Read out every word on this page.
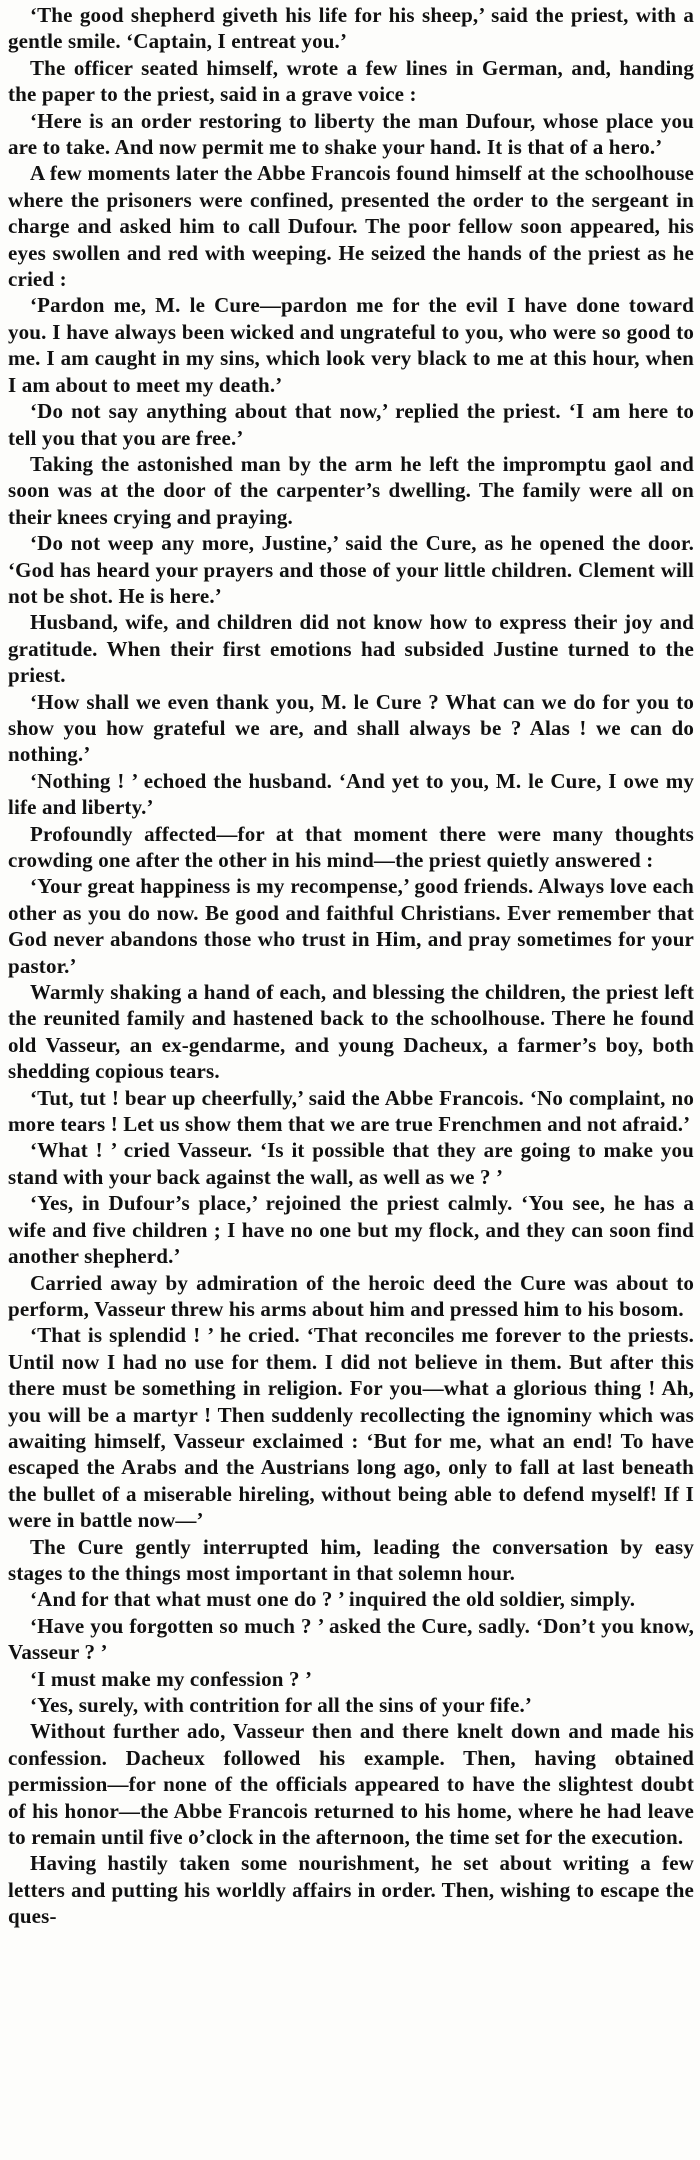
‘The good shepherd giveth his life for his sheep,’ said the priest, with a gentle smile. ‘Captain, I entreat you.’

The officer seated himself, wrote a few lines in German, and, handing the paper to the priest, said in a grave voice :

‘Here is an order restoring to liberty the man Dufour, whose place you are to take. And now permit me to shake your hand. It is that of a hero.’

A few moments later the Abbe Francois found himself at the schoolhouse where the prisoners were confined, presented the order to the sergeant in charge and asked him to call Dufour. The poor fellow soon appeared, his eyes swollen and red with weeping. He seized the hands of the priest as he cried :

‘Pardon me, M. le Cure—pardon me for the evil I have done toward you. I have always been wicked and ungrateful to you, who were so good to me. I am caught in my sins, which look very black to me at this hour, when I am about to meet my death.’

‘Do not say anything about that now,’ replied the priest. ‘I am here to tell you that you are free.’

Taking the astonished man by the arm he left the impromptu gaol and soon was at the door of the carpenter’s dwelling. The family were all on their knees crying and praying.

‘Do not weep any more, Justine,’ said the Cure, as he opened the door. ‘God has heard your prayers and those of your little children. Clement will not be shot. He is here.’

Husband, wife, and children did not know how to express their joy and gratitude. When their first emotions had subsided Justine turned to the priest.

‘How shall we even thank you, M. le Cure ? What can we do for you to show you how grateful we are, and shall always be ? Alas ! we can do nothing.’

‘Nothing ! ’ echoed the husband. ‘And yet to you, M. le Cure, I owe my life and liberty.’

Profoundly affected—for at that moment there were many thoughts crowding one after the other in his mind—the priest quietly answered :

‘Your great happiness is my recompense,’ good friends. Always love each other as you do now. Be good and faithful Christians. Ever remember that God never abandons those who trust in Him, and pray sometimes for your pastor.’

Warmly shaking a hand of each, and blessing the children, the priest left the reunited family and hastened back to the schoolhouse. There he found old Vasseur, an ex-gendarme, and young Dacheux, a farmer’s boy, both shedding copious tears.

‘Tut, tut ! bear up cheerfully,’ said the Abbe Francois. ‘No complaint, no more tears ! Let us show them that we are true Frenchmen and not afraid.’

‘What ! ’ cried Vasseur. ‘Is it possible that they are going to make you stand with your back against the wall, as well as we ? ’

‘Yes, in Dufour’s place,’ rejoined the priest calmly. ‘You see, he has a wife and five children ; I have no one but my flock, and they can soon find another shepherd.’

Carried away by admiration of the heroic deed the Cure was about to perform, Vasseur threw his arms about him and pressed him to his bosom.

‘That is splendid ! ’ he cried. ‘That reconciles me forever to the priests. Until now I had no use for them. I did not believe in them. But after this there must be something in religion. For you—what a glorious thing ! Ah, you will be a martyr ! Then suddenly recollecting the ignominy which was awaiting himself, Vasseur exclaimed : ‘But for me, what an end! To have escaped the Arabs and the Austrians long ago, only to fall at last beneath the bullet of a miserable hireling, without being able to defend myself! If I were in battle now—’

The Cure gently interrupted him, leading the conversation by easy stages to the things most important in that solemn hour.

‘And for that what must one do ? ’ inquired the old soldier, simply.

‘Have you forgotten so much ? ’ asked the Cure, sadly. ‘Don’t you know, Vasseur ? ’

‘I must make my confession ? ’

‘Yes, surely, with contrition for all the sins of your fife.’

Without further ado, Vasseur then and there knelt down and made his confession. Dacheux followed his example. Then, having obtained permission—for none of the officials appeared to have the slightest doubt of his honor—the Abbe Francois returned to his home, where he had leave to remain until five o’clock in the afternoon, the time set for the execution.

Having hastily taken some nourishment, he set about writing a few letters and putting his worldly affairs in order. Then, wishing to escape the ques-
